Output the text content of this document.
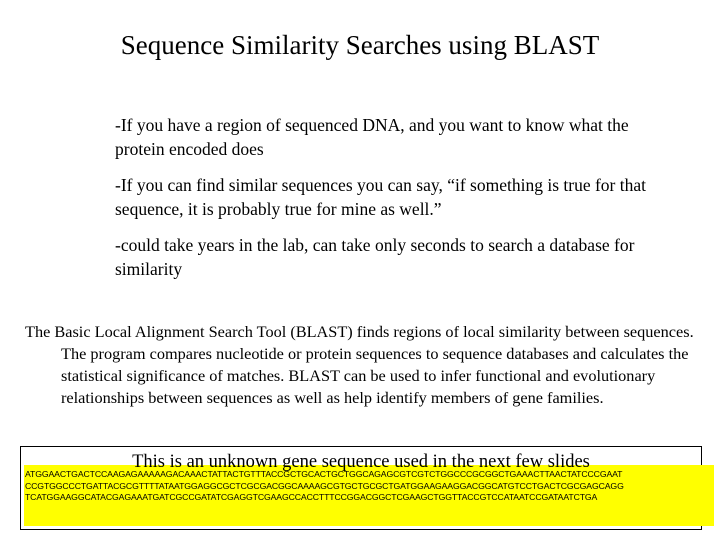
Sequence Similarity Searches using BLAST
-If you have a region of sequenced DNA, and you want to know what the protein encoded does
-If you can find similar sequences you can say, “if something is true for that sequence, it is probably true for mine as well.”
-could take years in the lab, can take only seconds to search a database for similarity

The Basic Local Alignment Search Tool (BLAST) finds regions of local similarity between sequences. The program compares nucleotide or protein sequences to sequence databases and calculates the statistical significance of matches. BLAST can be used to infer functional and evolutionary relationships between sequences as well as help identify members of gene families.

This is an unknown gene sequence used in the next few slides
ATGGAACTGACTCCAAGAGAAAAAGACAAACTATTACTGTTTACCGCTGCACTGCTGGCAGAGCGTCGTCTGGCCCGCGGCTGAAACTTAACTATCCCGAAT
CCGTGGCCCTGATTACGCGTTTTATAATGGAGGCGCTCGCGACGGCAAAAGCGTGCTGCGCTGATGGAAGAAGGACGGCATGTCCTGACTCGCGAGCAGG
TCATGGAAGGCATACGAGAAATGATCGCCGATATCGAGGTCGAAGCCACCTTTCCGGACGGCTCGAAGCTGGTTACCGTCCATAATCCGATAATCTGA
